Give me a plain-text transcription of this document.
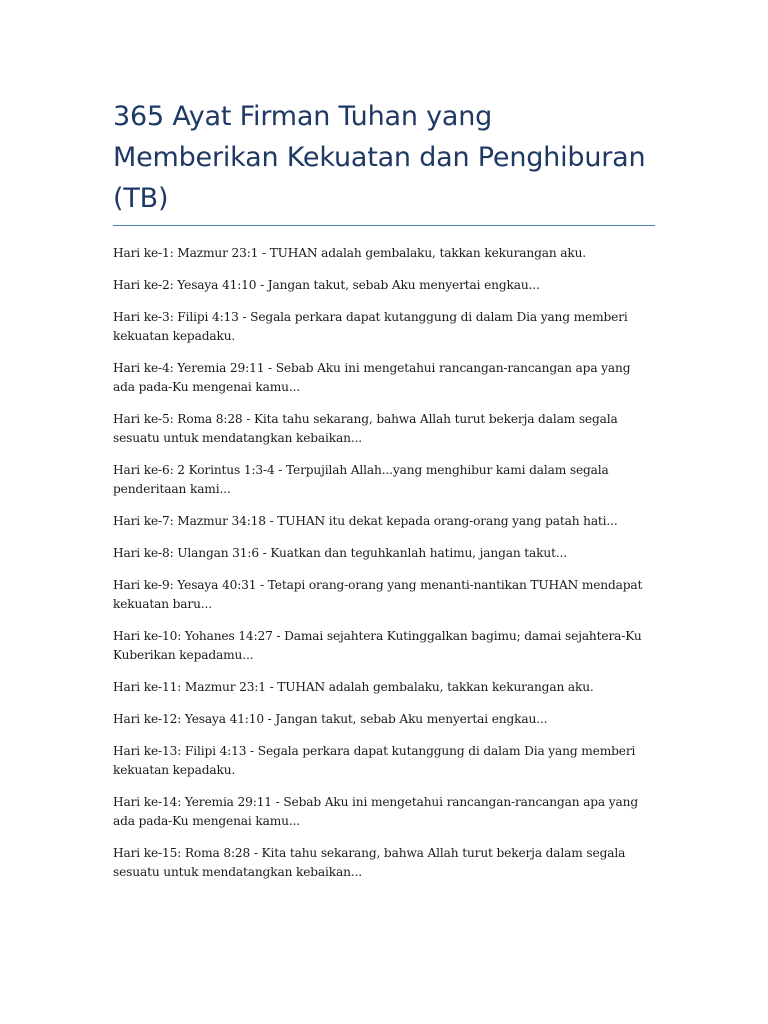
365 Ayat Firman Tuhan yang Memberikan Kekuatan dan Penghiburan (TB)

Hari ke-1: Mazmur 23:1 - TUHAN adalah gembalaku, takkan kekurangan aku.

Hari ke-2: Yesaya 41:10 - Jangan takut, sebab Aku menyertai engkau...

Hari ke-3: Filipi 4:13 - Segala perkara dapat kutanggung di dalam Dia yang memberi kekuatan kepadaku.

Hari ke-4: Yeremia 29:11 - Sebab Aku ini mengetahui rancangan-rancangan apa yang ada pada-Ku mengenai kamu...

Hari ke-5: Roma 8:28 - Kita tahu sekarang, bahwa Allah turut bekerja dalam segala sesuatu untuk mendatangkan kebaikan...

Hari ke-6: 2 Korintus 1:3-4 - Terpujilah Allah...yang menghibur kami dalam segala penderitaan kami...

Hari ke-7: Mazmur 34:18 - TUHAN itu dekat kepada orang-orang yang patah hati...

Hari ke-8: Ulangan 31:6 - Kuatkan dan teguhkanlah hatimu, jangan takut...

Hari ke-9: Yesaya 40:31 - Tetapi orang-orang yang menanti-nantikan TUHAN mendapat kekuatan baru...

Hari ke-10: Yohanes 14:27 - Damai sejahtera Kutinggalkan bagimu; damai sejahtera-Ku Kuberikan kepadamu...

Hari ke-11: Mazmur 23:1 - TUHAN adalah gembalaku, takkan kekurangan aku.

Hari ke-12: Yesaya 41:10 - Jangan takut, sebab Aku menyertai engkau...

Hari ke-13: Filipi 4:13 - Segala perkara dapat kutanggung di dalam Dia yang memberi kekuatan kepadaku.

Hari ke-14: Yeremia 29:11 - Sebab Aku ini mengetahui rancangan-rancangan apa yang ada pada-Ku mengenai kamu...

Hari ke-15: Roma 8:28 - Kita tahu sekarang, bahwa Allah turut bekerja dalam segala sesuatu untuk mendatangkan kebaikan...
